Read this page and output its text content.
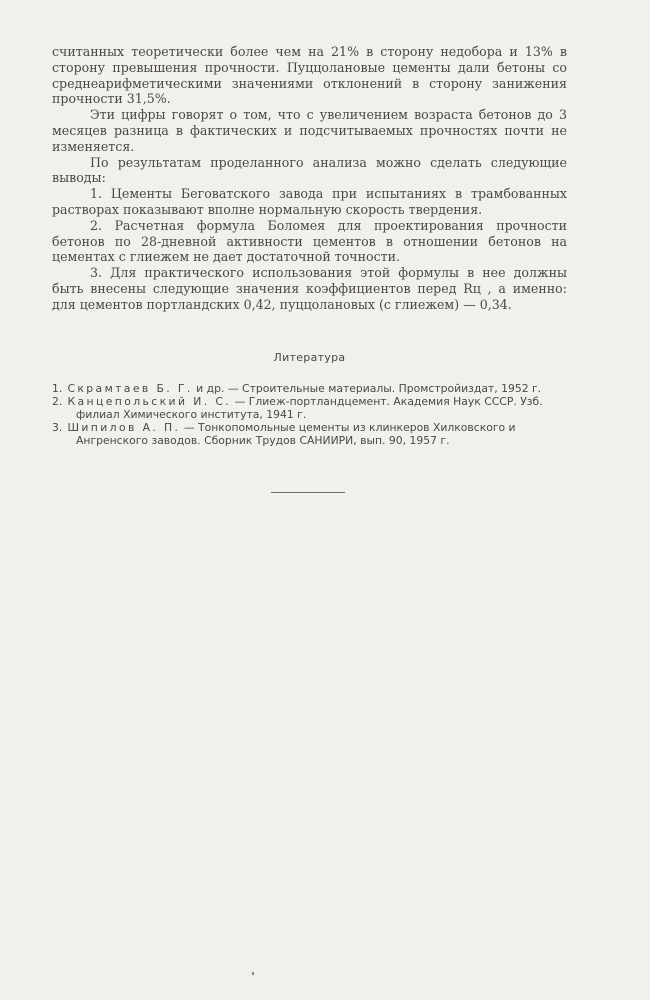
считанных теоретически более чем на 21% в сторону недобора и 13% в сторону превышения прочности. Пуццолановые цементы дали бетоны со среднеарифметическими значениями отклонений в сторону занижения прочности 31,5%.

Эти цифры говорят о том, что с увеличением возраста бетонов до 3 месяцев разница в фактических и подсчитываемых прочностях почти не изменяется.

По результатам проделанного анализа можно сделать следующие выводы:

1. Цементы Беговатского завода при испытаниях в трамбованных растворах показывают вполне нормальную скорость твердения.

2. Расчетная формула Боломея для проектирования прочности бетонов по 28-дневной активности цементов в отношении бетонов на цементах с глиежем не дает достаточной точности.

3. Для практического использования этой формулы в нее должны быть внесены следующие значения коэффициентов перед Rц , а именно: для цементов портландских 0,42, пуццолановых (с глиежем) — 0,34.

Литература

1. Скрамтаев Б. Г. и др. — Строительные материалы. Промстройиздат, 1952 г.

2. Канцепольский И. С. — Глиеж-портландцемент. Академия Наук СССР. Узб. филиал Химического института, 1941 г.

3. Шипилов А. П. — Тонкопомольные цементы из клинкеров Хилковского и Ангренского заводов. Сборник Трудов САНИИРИ, вып. 90, 1957 г.
